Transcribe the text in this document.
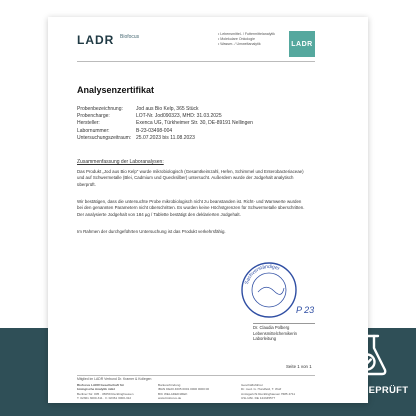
LADR Biofocus	• Lebensmittel- / Futtermittelanalytik
• Molekulare Onkologie
• Wasser- / Umweltanalytik	LADR
Analysenzertifikat
Probenbezeichnung:	Jod aus Bio Kelp, 365 Stück
Probencharge:	LOT-Nr. Jod090323, MHD: 31.03.2025
Hersteller:	Exenca UG, Türkheimer Str. 30, DE-89191 Nellingen
Labornummer:	B-23-03498-004
Untersuchungszeitraum: 25.07.2023 bis 11.08.2023
Zusammenfassung der Laboranalysen:
Das Produkt „Jod aus Bio Kelp" wurde mikrobiologisch (Gesamtkeimzahl, Hefen, Schimmel und Enterobacteriaceae) und auf Schwermetalle (Blei, Cadmium und Quecksilber) untersucht. Außerdem wurde der Jodgehalt analytisch überprüft.
Wir bestätigen, dass die untersuchte Probe mikrobiologisch nicht zu beanstanden ist. Richt- und Warnwerte wurden bei den genannten Parametern nicht überschritten. Es wurden keine Höchstgrenzen für Schwermetalle überschritten. Der analysierte Jodgehalt von 184 µg / Tablette bestätigt den deklarierten Jodgehalt.
Im Rahmen der durchgeführten Untersuchung ist das Produkt verkehrsfähig.
Sachverständiger
P 23
Dr. Claudia Polberg
Lebensmittelchemikerin
Laborleitung
Seite 1 von 1
Mitglied im LADR Verbund Dr. Kramer & Kollegen
Biofocus LADR Gesellschaft für
biologische Analytik mbH
Berliner Str. 005 · 45659 Recklinghausen
T. 02361 3000-311 · F. 02361 3000-312
Bankverbindung
IBAN DE20 4605 0001 0000 0000 00
BIC WELADED1REK
www.biofocus.de
Geschäftsführer
Dr. med. G. Hundfeld, T. Wolf
Amtsgericht Recklinghausen HRB 4711
USt-IdNr. DE 124345577
LABORGEPRÜFT
